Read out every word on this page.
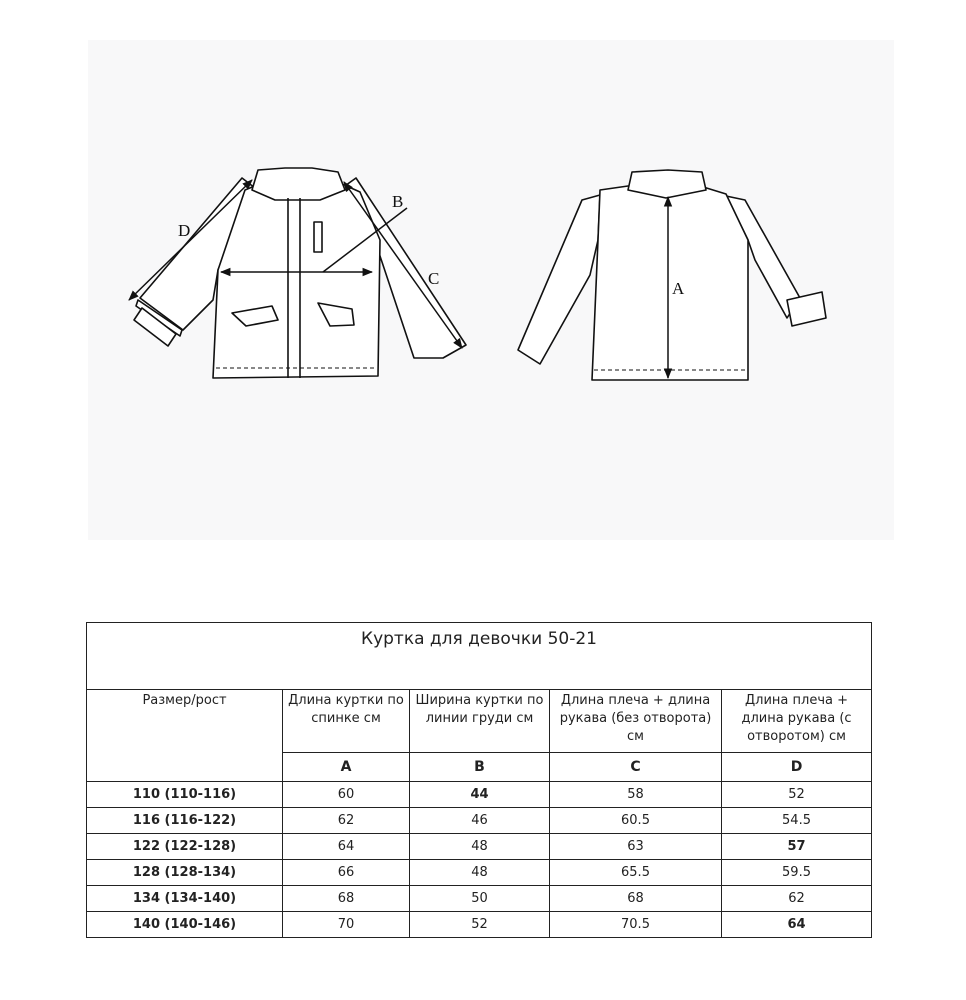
D
B
C
A
Куртка для девочки 50-21				
Размер/рост	Длина куртки по спинке см	Ширина куртки по линии груди см	Длина плеча + длина рукава (без отворота) см	Длина плеча + длина рукава (с отворотом) см
	A	B	C	D
110 (110-116)	60	44	58	52
116 (116-122)	62	46	60.5	54.5
122 (122-128)	64	48	63	57
128 (128-134)	66	48	65.5	59.5
134 (134-140)	68	50	68	62
140 (140-146)	70	52	70.5	64
